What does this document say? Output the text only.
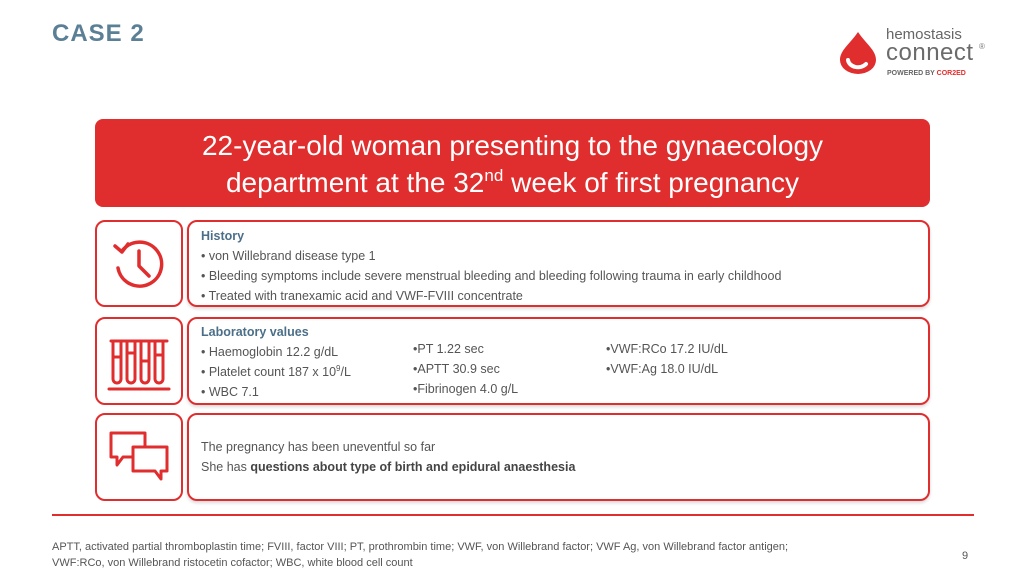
CASE 2	hemostasis
connect ®
POWERED BY COR2ED
22-year-old woman presenting to the gynaecology
department at the 32nd week of first pregnancy
History
• von Willebrand disease type 1
• Bleeding symptoms include severe menstrual bleeding and bleeding following trauma in early childhood
• Treated with tranexamic acid and VWF-FVIII concentrate
Laboratory values
• Haemoglobin 12.2 g/dL
• Platelet count 187 x $10^9/L$
• WBC 7.1
•PT 1.22 sec
•APTT 30.9 sec
•Fibrinogen 4.0 g/L
•VWF:RCo 17.2 IU/dL
•VWF:Ag 18.0 IU/dL
The pregnancy has been uneventful so far
She has questions about type of birth and epidural anaesthesia
APTT, activated partial thromboplastin time; FVIII, factor VIII; PT, prothrombin time; VWF, von Willebrand factor; VWF Ag, von Willebrand factor antigen;
VWF:RCo, von Willebrand ristocetin cofactor; WBC, white blood cell count
9
